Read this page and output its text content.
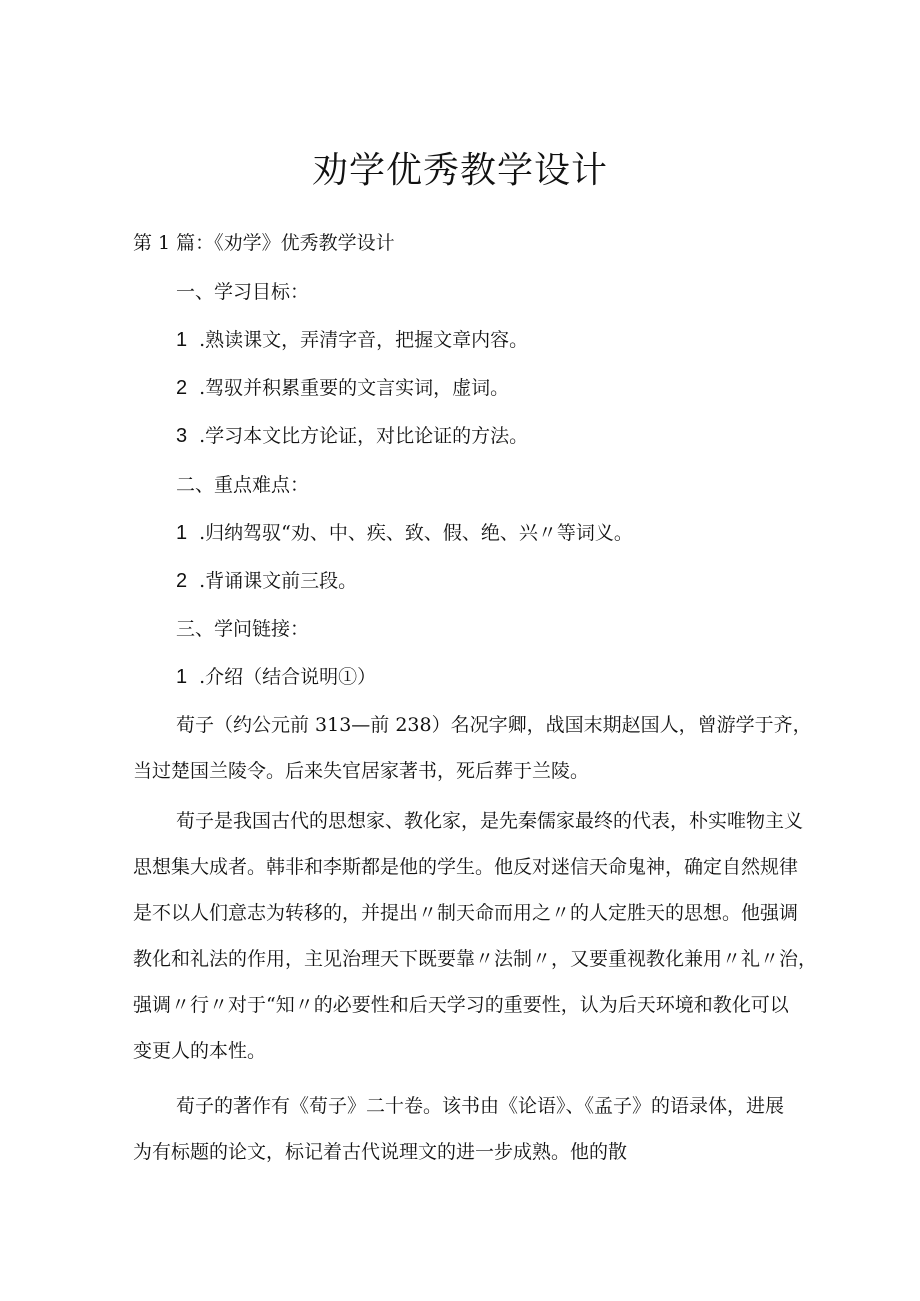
劝学优秀教学设计

第 1 篇：《劝学》优秀教学设计

一、学习目标：

1 .熟读课文，弄清字音，把握文章内容。

2 .驾驭并积累重要的文言实词，虚词。

3 .学习本文比方论证，对比论证的方法。

二、重点难点：

1 .归纳驾驭“劝、中、疾、致、假、绝、兴〃等词义。

2 .背诵课文前三段。

三、学问链接：

1 .介绍（结合说明①）

荀子（约公元前 313—前 238）名况字卿，战国末期赵国人，曾游学于齐，
当过楚国兰陵令。后来失官居家著书，死后葬于兰陵。
荀子是我国古代的思想家、教化家，是先秦儒家最终的代表，朴实唯物主义
思想集大成者。韩非和李斯都是他的学生。他反对迷信天命鬼神，确定自然规律
是不以人们意志为转移的，并提出〃制天命而用之〃的人定胜天的思想。他强调
教化和礼法的作用，主见治理天下既要靠〃法制〃，又要重视教化兼用〃礼〃治，
强调〃行〃对于“知〃的必要性和后天学习的重要性，认为后天环境和教化可以
变更人的本性。
荀子的著作有《荀子》二十卷。该书由《论语》、《孟子》的语录体，进展
为有标题的论文，标记着古代说理文的进一步成熟。他的散
